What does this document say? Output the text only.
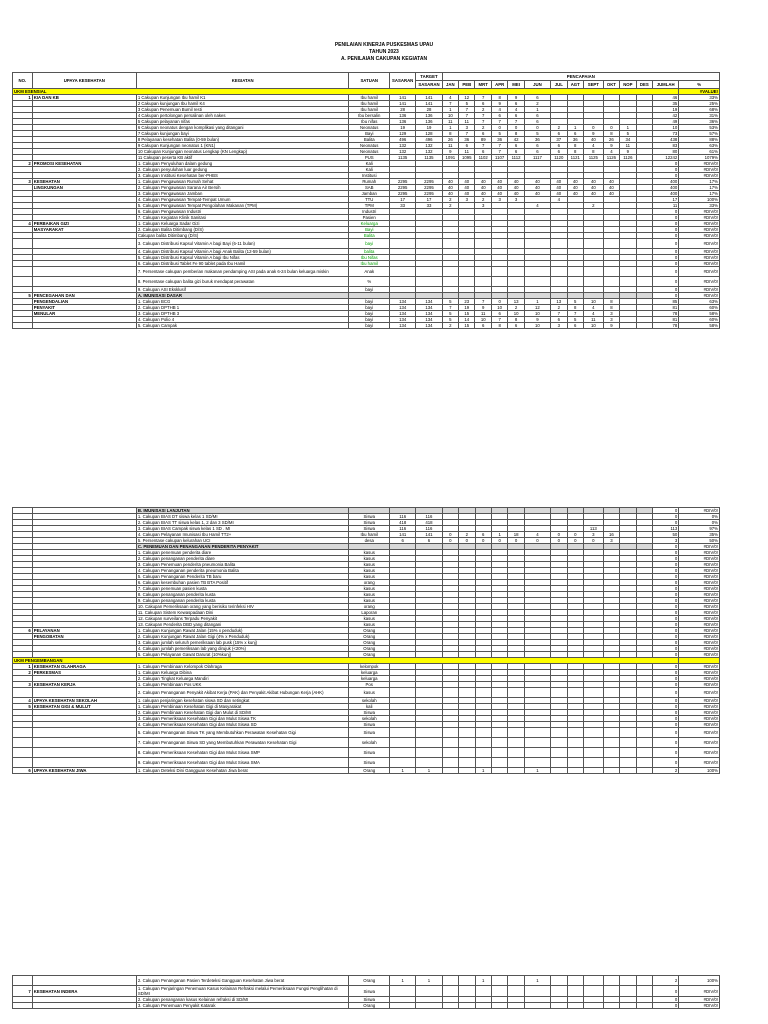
PENILAIAN KINERJA PUSKESMAS UPAU
TAHUN 2023
A. PENILAIAN CAKUPAN KEGIATAN
NO.	UPAYA KESEHATAN	KEGIATAN	SATUAN	SASARAN	TARGET	PENCAPAIAN													
					SASARAN	JAN	PEB	MRT	APR	MEI	JUN	JUL	AGT	SEPT	OKT	NOP	DES	JUMLAH	%
UKM ESENSIAL																			#VALUE!
1	KIA DAN KB	1 Cakupan Kunjungan Ibu hamil K1	Ibu hamil	141	141	4	12	7	8	9	6							46	33%
		2 Cakupan kunjungan Ibu hamil K4	Ibu hamil	141	141	7	5	6	9	6	2							35	25%
		3 Cakupan Penemuan Bumil resti	Ibu hamil	28	28	1	7	2	4	4	1							19	68%
		4 Cakupan pertolongan persalinan oleh nakes	Ibu bersalin	136	136	10	7	7	6	6	6							42	31%
		5 Cakupan pelayanan nifas	Ibu nifas	136	136	11	11	7	7	7	6							49	36%
		6 Cakupan neonatus dengan komplikasi yang ditangani	Neonatus	19	19	1	3	2	0	0	0	2	1	0	0	1		10	53%
		7 Cakupan kunjungan bayi	Bayi	129	128	8	7	6	5	8	5	6	6	9	8	5		73	57%
		8 Pelayanan kesehatan Balita (0-59 bulan)	Balita	496	496	26	36	89	36	42	36	37	36	40	26	34		438	88%
		9 Cakupan Kunjungan neonatus 1 (KN1)	Neonatus	132	132	11	6	7	7	6	6	6	8	4	9	11		83	63%
		10 Cakupan Kunjungan neonatus Lengkap (KN Lengkap)	Neonatus	132	132	9	11	6	7	6	6	6	8	8	4	9		80	61%
		11 Cakupan peserta KB aktif	PUS	1135	1135	1091	1095	1102	1107	1112	1117	1120	1121	1125	1126	1126		12242	1079%
2	PROMOSI KESEHATAN	1. Cakupan Penyuluhan dalam gedung	Kali															0	#DIV/0!
		2. Cakupan penyuluhan luar gedung	Kali															0	#DIV/0!
		3. Cakupan Institusi Kesehatan ber-PHBS	Institusi															0	#DIV/0!
3	KESEHATAN	1. Cakupan Pengawasan Rumah Sehat	Rumah	2295	2295	40	40	40	40	40	40	40	40	40	40			400	17%
	LINGKUNGAN	2. Cakupan Pengawasan Sarana Air Bersih	SAB	2295	2295	40	40	40	40	40	40	40	40	40	40			400	17%
		3. Cakupan Pengawasan Jamban	Jamban	2295	2295	40	40	40	40	40	40	40	40	40	40			400	17%
		4. Cakupan Pengawasan Tempat-Tempat Umum	TTU	17	17	2	3	2	3	3		4						17	100%
		5. Cakupan Pengawasan Tempat Pengolahan Makanan (TPM)	TPM	33	33	2		3			4			2				11	33%
		6. Cakupan Pengawasan Industri	Industri															0	#DIV/0!
		7. Cakupan Kegiatan Klinik Sanitasi	Pasien															0	#DIV/0!
4	PERBAIKAN GIZI	1. Cakupan Keluarga Sadar Gizi	Keluarga															0	#DIV/0!
	MASYARAKAT	2. Cakupan Balita Ditimbang (D/S)	Bayi															0	#DIV/0!
		Cakupan balita Ditimbang (D/S)	Balita															0	#DIV/0!
		3. Cakupan Distribusi Kapsul Vitamin A bagi Bayi (6-11 bulan)	bayi															0	#DIV/0!
		4. Cakupan Distribusi Kapsul Vitamin A bagi Anak Balita (12-59 bulan)	balita															0	#DIV/0!
		5. Cakupan Distribusi Kapsul Vitamin A bagi Ibu Nifas	Ibu Nifas															0	#DIV/0!
		6. Cakupan Distribusi Tablet Fe 90 tablet pada Ibu Hamil	Ibu hamil															0	#DIV/0!
		7. Persentase cakupan pemberian makanan pendamping ASI pada anak 6-24 bulan keluarga miskin	Anak															0	#DIV/0!
		8. Persentase cakupan balita gizi buruk mendapat perawatan	%															0	#DIV/0!
		9. Cakupan ASI Eksklusif	bayi															0	#DIV/0!
5	PENCEGAHAN DAN	A. IMUNISASI DASAR																0	#DIV/0!
	PENGENDALIAN	1. Cakupan BCG	bayi	134	134	5	23	7	0	13	1	13	5	10	8			85	63%
	PENYAKIT	2. Cakupan DPTHB 1	bayi	134	134	7	19	9	10	2	12	2	8	4	8			81	60%
	MENULAR	3. Cakupan DPTHB 3	bayi	134	134	5	15	11	6	10	10	7	7	4	3			78	58%
		4. Cakupan Polio 4	bayi	134	134	5	14	10	7	8	9	6	5	11	3			81	60%
		5. Cakupan Campak	bayi	134	134	2	15	6	8	6	10	3	6	10	9			78	58%
		B. IMUNISASI LANJUTAN																0	#DIV/0!
		1. Cakupan BIAS DT siswa kelas 1 SD/MI	Siswa	116	116													0	0%
		2. Cakupan BIAS TT siswa kelas 1, 2 dan 3 SD/MI	Siswa	418	418													0	0%
		3. Cakupan BIAS Campak siswa kelas 1 SD . MI	Siswa	116	116									113				113	97%
		4. Cakupan Pelayanan Imunisasi Ibu Hamil TT2+	Ibu hamil	141	141	0	2	6	1	18	4	0	0	3	16			50	35%
		5. Persentase cakupan kelurahan UCI	desa	6	6	0	0	0	0	0	0	0	0	0	3			3	50%
		C. PENEMUAN DAN PENANGANAN PENDERITA PENYAKIT																0	#DIV/0!
		1. Cakupan penemuan penderita diare	kasus															0	#DIV/0!
		2. Cakupan penanganan penderita diare	kasus															0	#DIV/0!
		3. Cakupan Penemuan penderita pneumonia Balita	kasus															0	#DIV/0!
		4. Cakupan Penanganan penderita pneumonia Balita	kasus															0	#DIV/0!
		5. Cakupan Penanganan Penderita TB baru	kasus															0	#DIV/0!
		6. Cakupan kesembuhan pasien TB BTA Positif	orang															0	#DIV/0!
		7. Cakupan penemuan pasien kusta	kasus															0	#DIV/0!
		8. Cakupan penanganan penderita kusta	kasus															0	#DIV/0!
		9. Cakupan penanganan penderita kusta	kasus															0	#DIV/0!
		10. Cakupan Pemeriksaan orang yang berisiko terinfeksi HIV	orang															0	#DIV/0!
		11. Cakupan Sistem Kewaspadaan Dini	Laporan															0	#DIV/0!
		12. Cakupan surveilans Terpadu Penyakit	kasus															0	#DIV/0!
		13. Cakupan Penderita DBD yang ditangani	kasus															0	#DIV/0!
6	PELAYANAN	1. Cakupan Kunjungan Rawat Jalan (15% x penduduk)	Orang															0	#DIV/0!
	PENGOBATAN	2. Cakupan Kunjungan Rawat Jalan Gigi (4% x Penduduk)	Orang															0	#DIV/0!
		3. Cakupan jumlah seluruh pemeriksaan lab pusk (15% x kunj)	Orang															0	#DIV/0!
		4. Cakupan jumlah pemeriksaan lab yang dirujuk (<20%)	Orang															0	#DIV/0!
		5. Cakupan Pelayanan Gawat Darurat (10%kunj)	Orang															0	#DIV/0!
UKM PENGEMBANGAN																			
1	KESEHATAN OLAHRAGA	1. Cakupan Pembinaan Kelompok Olahraga	kelompok															0	#DIV/0!
2	PERKESMAS	1. Cakupan Keluarga Dibina	keluarga															0	#DIV/0!
		2. Cakupan Tingkat Keluarga Mandiri	keluarga															0	#DIV/0!
3	KESEHATAN KERJA	1. Cakupan Pembinaan Pos UKK	Pos															0	#DIV/0!
		2. Cakupan Penanganan Penyakit Akibat Kerja (PAK) dan Penyakit Akibat Hubungan Kerja (AHK)	kasus															0	#DIV/0!
4	UPAYA KESEHATAN SEKOLAH	1. cakupan penjaringan kesehatan siswa SD dan setingkat	sekolah															0	#DIV/0!
5	KESEHATAN GIGI & MULUT	1. Cakupan Pembinaan Kesehatan Gigi di Masyarakat	kali															0	#DIV/0!
		2. Cakupan Pembinaan Kesehatan Gigi dan Mulut di SD/MI	Siswa															0	#DIV/0!
		3. Cakupan Pemeriksaan Kesehatan Gigi dan Mulut Siswa TK	sekolah															0	#DIV/0!
		4. Cakupan Pemeriksaan Kesehatan Gigi dan Mulut Siswa SD	Siswa															0	#DIV/0!
		5. Cakupan Penanganan Siswa TK yang Membutuhkan Perawatan Kesehatan Gigi	Siswa															0	#DIV/0!
		7. Cakupan Penanganan Siswa SD yang Membutuhkan Perawatan Kesehatan Gigi	sekolah															0	#DIV/0!
		8. Cakupan Pemeriksaan Kesehatan Gigi dan Mulut Siswa SMP	Siswa															0	#DIV/0!
		9. Cakupan Pemeriksaan Kesehatan Gigi dan Mulut Siswa SMA	Siswa															0	#DIV/0!
6	UPAYA KESEHATAN JIWA	1. Cakupan Deteksi Dini Gangguan Kesehatan Jiwa berat	Orang	1	1			1			1							2	100%
		2. Cakupan Penanganan Pasien Terdeteksi Gangguan Kesehatan Jiwa berat	Orang	1	1			1			1							2	100%
7	KESEHATAN INDERA	1. Cakupan Penjaringan Penemuan Kasus Kelainan Refraksi melalui Pemeriksaan Fungsi Penglihatan di SD/MI	Siswa															0	#DIV/0!
		2. Cakupan penanganan kasus Kelainan refraksi di SD/MI	Siswa															0	#DIV/0!
		3. Cakupan Penemuan Penyakit Katarak	Orang															0	#DIV/0!
